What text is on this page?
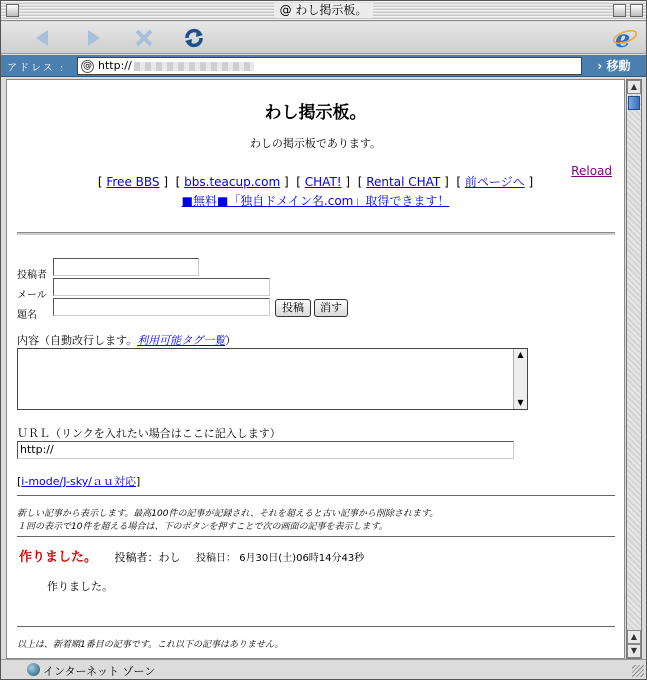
@ わし掲示板。
e
アドレス : @ http://	› 移動
わし掲示板。
わしの掲示板であります。
[ Free BBS ]  [ bbs.teacup.com ]  [ CHAT! ]  [ Rental CHAT ]  [ 前ページへ ]
■無料■「独自ドメイン名.com」取得できます！
Reload
投稿者
メール
題名
投稿	消す
内容（自動改行します。利用可能タグ一覧）
▲
▼
ＵＲＬ（リンクを入れたい場合はここに記入します）
http://
[i-mode/J-sky/ａｕ対応]
新しい記事から表示します。最高100件の記事が記録され、それを超えると古い記事から削除されます。
１回の表示で10件を超える場合は、下のボタンを押すことで次の画面の記事を表示します。
作りました。 投稿者：わし 投稿日： 6月30日(土)06時14分43秒
作りました。
以上は、新着順1番目の記事です。これ以下の記事はありません。
▲
▲
▼
インターネット ゾーン
